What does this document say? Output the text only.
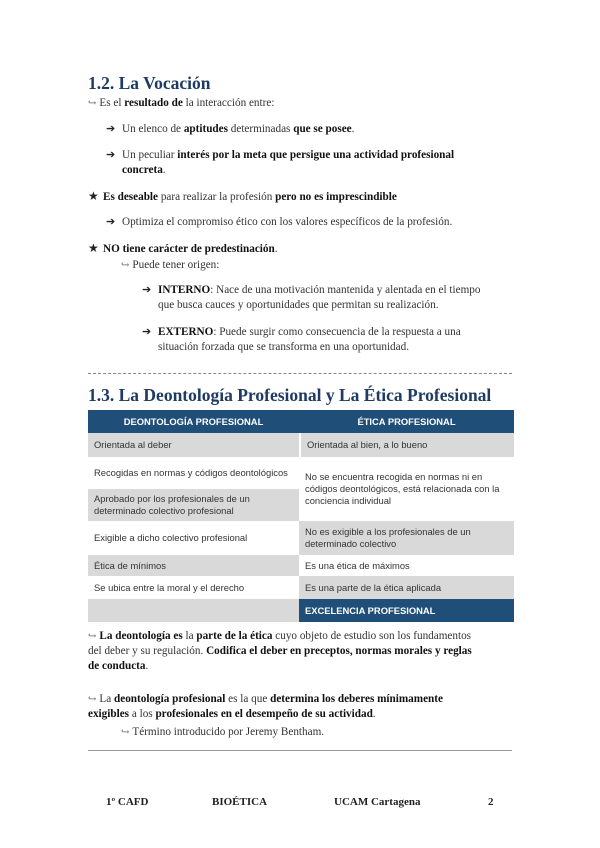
1.2. La Vocación
↪ Es el resultado de la interacción entre:
➔ Un elenco de aptitudes determinadas que se posee.
➔ Un peculiar interés por la meta que persigue una actividad profesional
concreta.
★ Es deseable para realizar la profesión pero no es imprescindible
➔ Optimiza el compromiso ético con los valores específicos de la profesión.
★ NO tiene carácter de predestinación.
↪ Puede tener origen:
➔ INTERNO: Nace de una motivación mantenida y alentada en el tiempo
que busca cauces y oportunidades que permitan su realización.
➔ EXTERNO: Puede surgir como consecuencia de la respuesta a una
situación forzada que se transforma en una oportunidad.
1.3. La Deontología Profesional y La Ética Profesional
DEONTOLOGÍA PROFESIONAL	ÉTICA PROFESIONAL
Orientada al deber	Orientada al bien, a lo bueno
Recogidas en normas y códigos deontológicos	No se encuentra recogida en normas ni en códigos deontológicos, está relacionada con la conciencia individual
Aprobado por los profesionales de un determinado colectivo profesional	
Exigible a dicho colectivo profesional	No es exigible a los profesionales de un determinado colectivo
Ética de mínimos	Es una ética de máximos
Se ubica entre la moral y el derecho	Es una parte de la ética aplicada
	EXCELENCIA PROFESIONAL
↪ La deontología es la parte de la ética cuyo objeto de estudio son los fundamentos
del deber y su regulación. Codifica el deber en preceptos, normas morales y reglas
de conducta.
↪ La deontología profesional es la que determina los deberes mínimamente
exigibles a los profesionales en el desempeño de su actividad.
↪ Término introducido por Jeremy Bentham.
1º CAFD	BIOÉTICA	UCAM Cartagena	2
